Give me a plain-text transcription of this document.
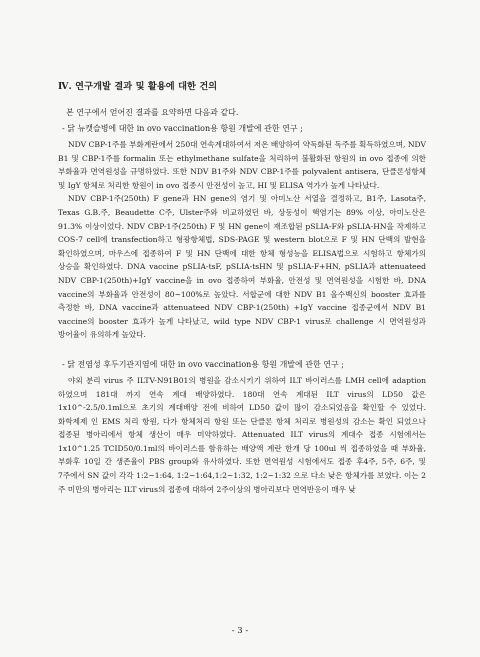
Ⅳ. 연구개발 결과 및 활용에 대한 건의
본 연구에서 얻어진 결과를 요약하면 다음과 같다.
- 닭 뉴캣슬병에 대한 in ovo vaccination용 항원 개발에 관한 연구 ;

NDV CBP-1주를 부화계란에서 250대 연속계대하여서 저온 배양하여 약독화된 독주를 획득하였으며, NDV B1 및 CBP-1주를 formalin 또는 ethylmethane sulfate을 처리하여 불활화된 항원의 in ovo 접종에 의한 부화율과 면역원성을 규명하였다. 또한 NDV B1주와 NDV CBP-1주를 polyvalent antisera, 단클론성항체 및 IgY 항체로 처리한 항원이 in ovo 접종시 안전성이 높고, HI 및 ELISA 역가가 높게 나타났다.

NDV CBP-1주(250th) F gene과 HN gene의 염기 및 아미노산 서열을 결정하고, B1주, Lasota주, Texas G.B.주, Beaudette C주, Ulster주와 비교하였던 바, 상동성이 핵염기는 89% 이상, 아미노산은 91.3% 이상이었다. NDV CBP-1주(250th) F 및 HN gene이 재조합된 pSLIA-F와 pSLIA-HN을 작제하고 COS-7 cell에 transfection하고 형광항체법, SDS-PAGE 및 western blot으로 F 및 HN 단백의 발현을 확인하였으며, 마우스에 접종하여 F 및 HN 단백에 대한 항체 형성능을 ELISA법으로 시험하고 항체가의 상승을 확인하였다. DNA vaccine pSLIA-tsF, pSLIA-tsHN 및 pSLIA-F+HN, pSLIA과 attenuateed NDV CBP-1(250th)+IgY vaccine을 in ovo 접종하여 부화율, 안전성 및 면역원성을 시험한 바, DNA vaccine의 부화율과 안전성이 80~100%로 높았다. 서합군에 대한 NDV B1 올수백신의 booster 효과를 측정한 바, DNA vaccine과 attenuateed NDV CBP-1(250th) +IgY vaccine 접종군에서 NDV B1 vaccine의 booster 효과가 높게 나타났고, wild type NDV CBP-1 virus로 challenge 시 면역원성과 방어율이 유의하게 높았다.

- 닭 전염성 후두기관지염에 대한 in ovo vaccination용 항원 개발에 관한 연구 ;

야외 분리 virus 주 ILTV-N91B01의 병원을 감소시키기 위하여 ILT 바이러스를 LMH cell에 adaption 하였으며 181대 까지 연속 계대 배양하였다. 180대 연속 계대된 ILT virus의 LD50 값은 1x10^-2.5/0.1ml으로 초기의 계대배양 전에 비하여 LD50 값이 많이 감소되었음을 확인할 수 있었다. 화학제제 인 EMS 처리 항원, 다가 항체처리 항원 또는 단클론 항체 처리로 병원성의 감소는 확인 되었으나 접종된 병아리에서 항체 생산이 매우 미약하였다. Attenuated ILT virus의 계대수 접종 시험에서는 1x10^1.25 TCID50/0.1ml의 바이러스를 함유하는 배양액 계란 한개 당 100ul 씩 접종하였을 때 부화율, 부화후 10일 간 생존율이 PBS group와 유사하였다. 또한 면역원성 시험에서도 접종 후4주, 5주, 6주, 및 7주에서 SN 값이 각각 1:2~1:64, 1:2~1:64,1:2~1:32, 1:2~1:32 으로 다소 낮은 항체가를 보였다. 이는 2 주 미만의 병아리는 ILT virus의 접종에 대하여 2주이상의 병아리보다 면역반응이 매우 낮

- 3 -
